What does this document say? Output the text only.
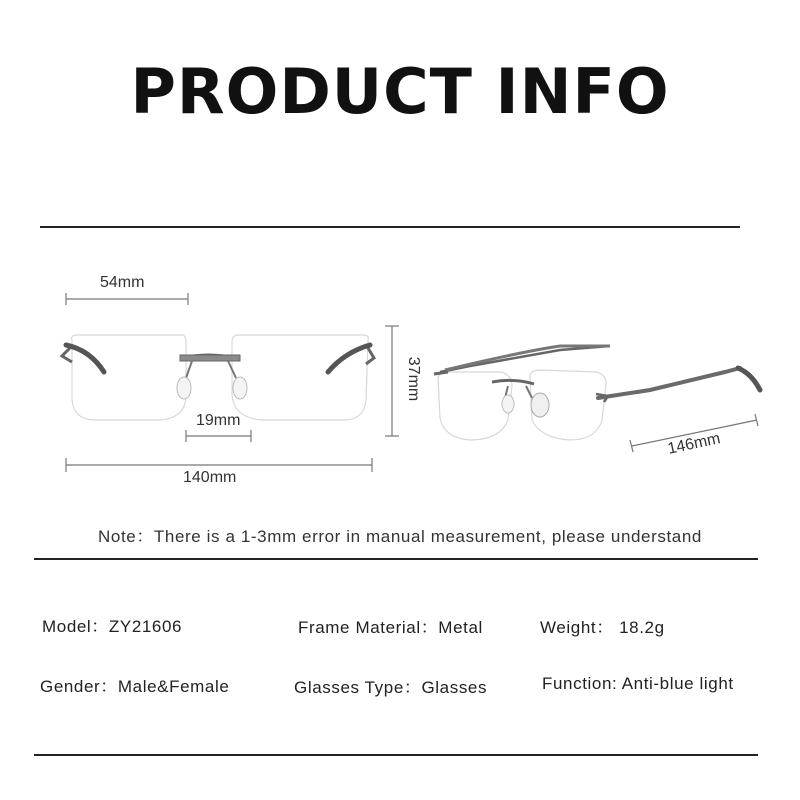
PRODUCT INFO
54mm
19mm
140mm
37mm
146mm
Note：There is a 1-3mm error in manual measurement, please understand
Model：ZY21606	Frame Material：Metal	Weight： 18.2g
Gender：Male&Female	Glasses Type：Glasses	Function: Anti-blue light
